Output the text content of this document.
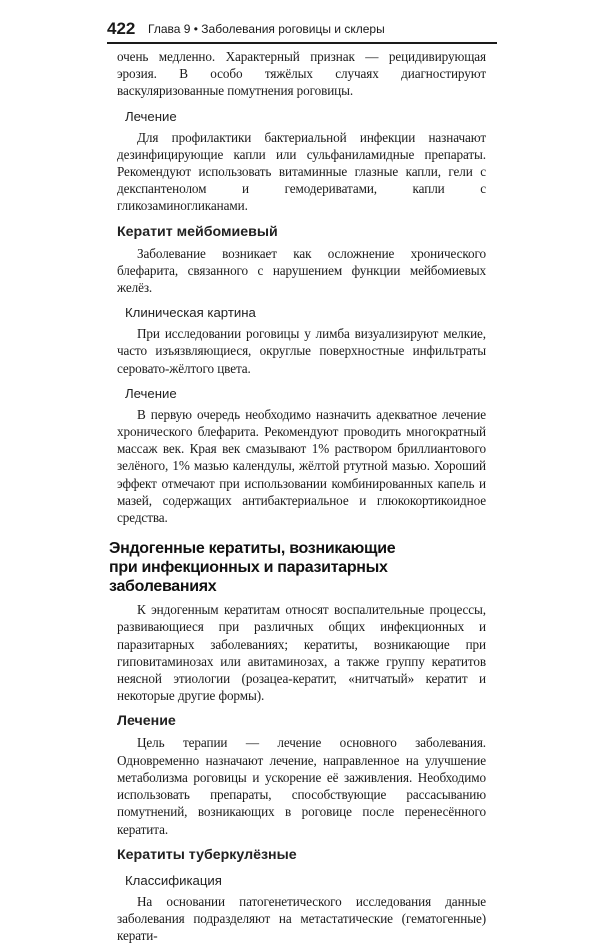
422 Глава 9 • Заболевания роговицы и склеры

очень медленно. Характерный признак — рецидивирующая эрозия. В особо тяжёлых случаях диагностируют васкуляризованные помутнения роговицы.

Лечение

Для профилактики бактериальной инфекции назначают дезинфицирующие капли или сульфаниламидные препараты. Рекомендуют использовать витаминные глазные капли, гели с декспантенолом и гемодериватами, капли с гликозаминогликанами.

Кератит мейбомиевый

Заболевание возникает как осложнение хронического блефарита, связанного с нарушением функции мейбомиевых желёз.

Клиническая картина

При исследовании роговицы у лимба визуализируют мелкие, часто изъязвляющиеся, округлые поверхностные инфильтраты серовато-жёлтого цвета.

Лечение

В первую очередь необходимо назначить адекватное лечение хронического блефарита. Рекомендуют проводить многократный массаж век. Края век смазывают 1% раствором бриллиантового зелёного, 1% мазью календулы, жёлтой ртутной мазью. Хороший эффект отмечают при использовании комбинированных капель и мазей, содержащих антибактериальное и глюкокортикоидное средства.

Эндогенные кератиты, возникающие
при инфекционных и паразитарных заболеваниях

К эндогенным кератитам относят воспалительные процессы, развивающиеся при различных общих инфекционных и паразитарных заболеваниях; кератиты, возникающие при гиповитаминозах или авитаминозах, а также группу кератитов неясной этиологии (розацеа-кератит, «нитчатый» кератит и некоторые другие формы).

Лечение

Цель терапии — лечение основного заболевания. Одновременно назначают лечение, направленное на улучшение метаболизма роговицы и ускорение её заживления. Необходимо использовать препараты, способствующие рассасыванию помутнений, возникающих в роговице после перенесённого кератита.

Кератиты туберкулёзные
Классификация

На основании патогенетического исследования данные заболевания подразделяют на метастатические (гематогенные) керати-
